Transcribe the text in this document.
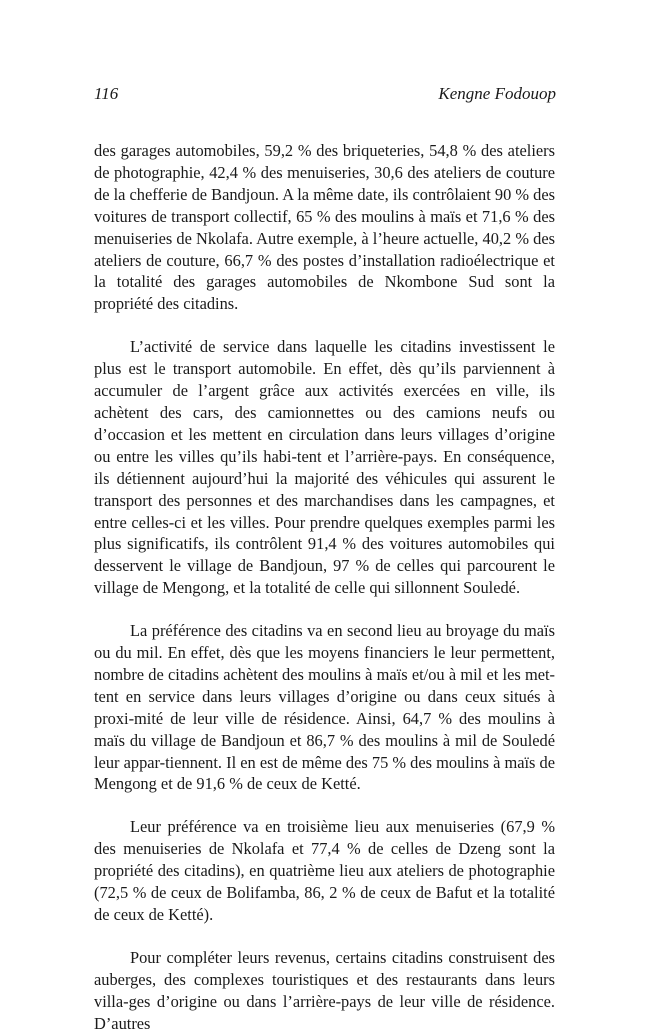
116	Kengne Fodouop

des garages automobiles, 59,2 % des briqueteries, 54,8 % des ateliers de photographie, 42,4 % des menuiseries, 30,6 des ateliers de couture de la chefferie de Bandjoun. A la même date, ils contrôlaient 90 % des voitures de transport collectif, 65 % des moulins à maïs et 71,6 % des menuiseries de Nkolafa. Autre exemple, à l’heure actuelle, 40,2 % des ateliers de couture, 66,7 % des postes d’installation radioélectrique et la totalité des garages automobiles de Nkombone Sud sont la propriété des citadins.

L’activité de service dans laquelle les citadins investissent le plus est le transport automobile. En effet, dès qu’ils parviennent à accumuler de l’argent grâce aux activités exercées en ville, ils achètent des cars, des camionnettes ou des camions neufs ou d’occasion et les mettent en circulation dans leurs villages d’origine ou entre les villes qu’ils habi-tent et l’arrière-pays. En conséquence, ils détiennent aujourd’hui la majorité des véhicules qui assurent le transport des personnes et des marchandises dans les campagnes, et entre celles-ci et les villes. Pour prendre quelques exemples parmi les plus significatifs, ils contrôlent 91,4 % des voitures automobiles qui desservent le village de Bandjoun, 97 % de celles qui parcourent le village de Mengong, et la totalité de celle qui sillonnent Souledé.

La préférence des citadins va en second lieu au broyage du maïs ou du mil. En effet, dès que les moyens financiers le leur permettent, nombre de citadins achètent des moulins à maïs et/ou à mil et les met-tent en service dans leurs villages d’origine ou dans ceux situés à proxi-mité de leur ville de résidence. Ainsi, 64,7 % des moulins à maïs du village de Bandjoun et 86,7 % des moulins à mil de Souledé leur appar-tiennent. Il en est de même des 75 % des moulins à maïs de Mengong et de 91,6 % de ceux de Ketté.

Leur préférence va en troisième lieu aux menuiseries (67,9 % des menuiseries de Nkolafa et 77,4 % de celles de Dzeng sont la propriété des citadins), en quatrième lieu aux ateliers de photographie (72,5 % de ceux de Bolifamba, 86, 2 % de ceux de Bafut et la totalité de ceux de Ketté).

Pour compléter leurs revenus, certains citadins construisent des auberges, des complexes touristiques et des restaurants dans leurs villa-ges d’origine ou dans l’arrière-pays de leur ville de résidence. D’autres
